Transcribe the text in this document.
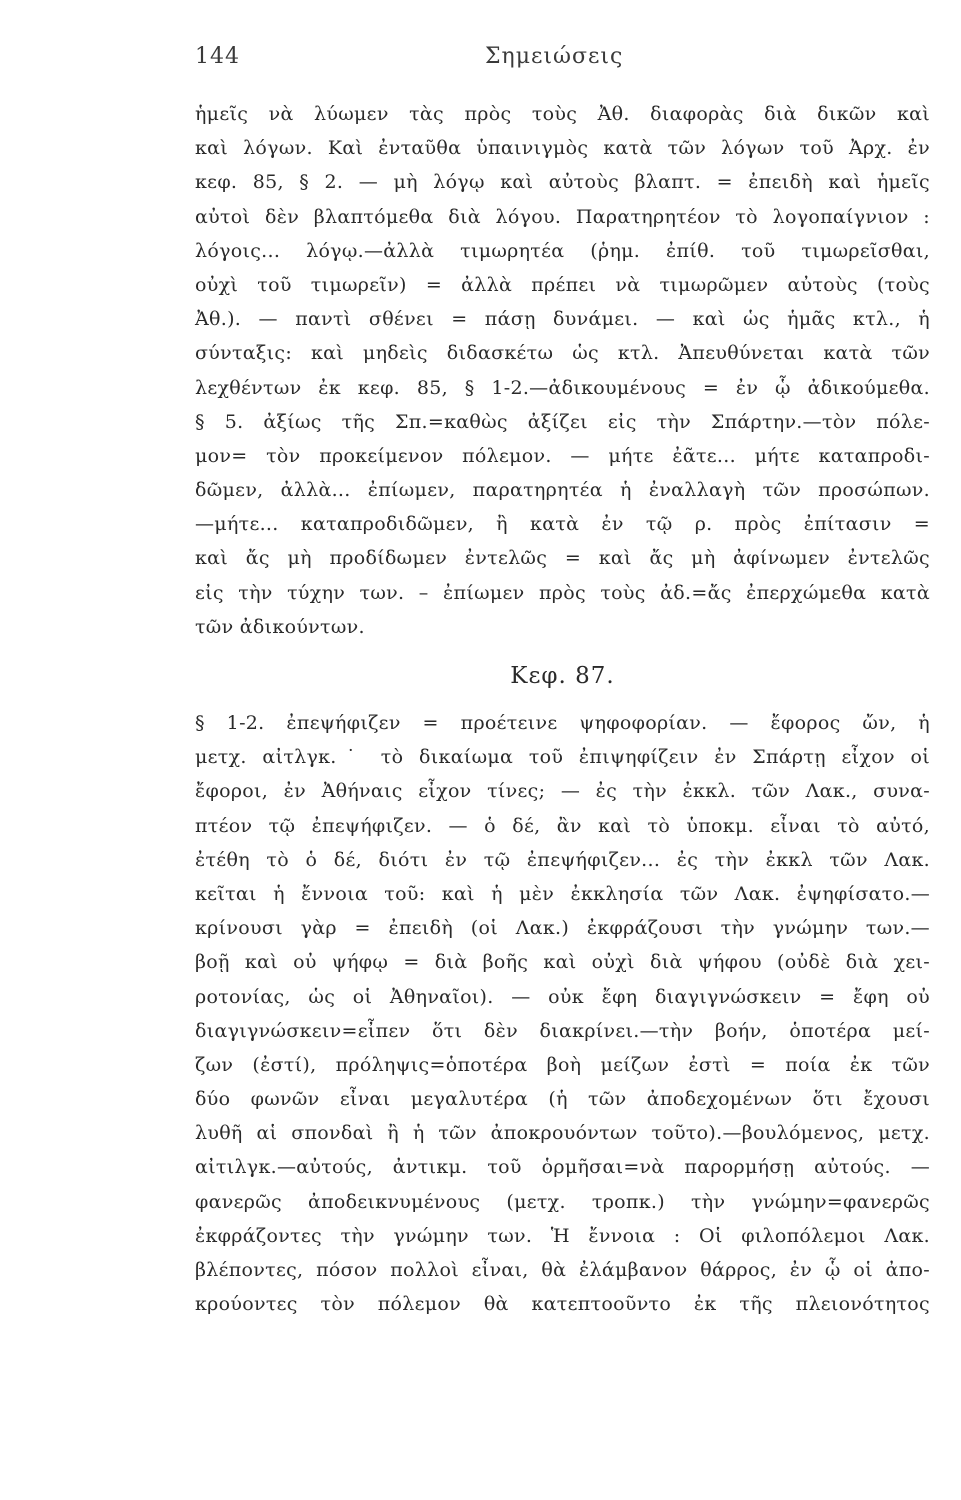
144	Σημειώσεις
ἡμεῖς νὰ λύωμεν τὰς πρὸς τοὺς Ἀθ. διαφορὰς διὰ δικῶν καὶ
καὶ λόγων. Καὶ ἐνταῦθα ὑπαινιγμὸς κατὰ τῶν λόγων τοῦ Ἀρχ. ἐν
κεφ. 85, § 2. — μὴ λόγῳ καὶ αὐτοὺς βλαπτ. = ἐπειδὴ καὶ ἡμεῖς
αὐτοὶ δὲν βλαπτόμεθα διὰ λόγου. Παρατηρητέον τὸ λογοπαίγνιον :
λόγοις... λόγῳ.—ἀλλὰ τιμωρητέα (ῥημ. ἐπίθ. τοῦ τιμωρεῖσθαι,
οὐχὶ τοῦ τιμωρεῖν) = ἀλλὰ πρέπει νὰ τιμωρῶμεν αὐτοὺς (τοὺς
Ἀθ.). — παντὶ σθένει = πάσῃ δυνάμει. — καὶ ὡς ἡμᾶς κτλ., ἡ
σύνταξις: καὶ μηδεὶς διδασκέτω ὡς κτλ. Ἀπευθύνεται κατὰ τῶν
λεχθέντων ἐκ κεφ. 85, § 1-2.—ἀδικουμένους = ἐν ᾧ ἀδικούμεθα.
§ 5. ἀξίως τῆς Σπ.=καθὼς ἀξίζει εἰς τὴν Σπάρτην.—τὸν πόλε-
μον= τὸν προκείμενον πόλεμον. — μήτε ἐᾶτε... μήτε καταπροδι-
δῶμεν, ἀλλὰ... ἐπίωμεν, παρατηρητέα ἡ ἐναλλαγὴ τῶν προσώπων.
—μήτε... καταπροδιδῶμεν, ἢ κατὰ ἐν τῷ ρ. πρὸς ἐπίτασιν =
καὶ ἄς μὴ προδίδωμεν ἐντελῶς = καὶ ἄς μὴ ἀφίνωμεν ἐντελῶς
εἰς τὴν τύχην των. – ἐπίωμεν πρὸς τοὺς ἀδ.=ἄς ἐπερχώμεθα κατὰ
τῶν ἀδικούντων.
Κεφ. 87.
§ 1-2. ἐπεψήφιζεν = προέτεινε ψηφοφορίαν. — ἔφορος ὤν, ἡ
μετχ. αἰτλγκ.˙ τὸ δικαίωμα τοῦ ἐπιψηφίζειν ἐν Σπάρτῃ εἶχον οἱ
ἔφοροι, ἐν Ἀθήναις εἶχον τίνες; — ἐς τὴν ἐκκλ. τῶν Λακ., συνα-
πτέον τῷ ἐπεψήφιζεν. — ὁ δέ, ἂν καὶ τὸ ὑποκμ. εἶναι τὸ αὐτό,
ἐτέθη τὸ ὁ δέ, διότι ἐν τῷ ἐπεψήφιζεν... ἐς τὴν ἐκκλ τῶν Λακ.
κεῖται ἡ ἔννοια τοῦ: καὶ ἡ μὲν ἐκκλησία τῶν Λακ. ἐψηφίσατο.—
κρίνουσι γὰρ = ἐπειδὴ (οἱ Λακ.) ἐκφράζουσι τὴν γνώμην των.—
βοῇ καὶ οὐ ψήφῳ = διὰ βοῆς καὶ οὐχὶ διὰ ψήφου (οὐδὲ διὰ χει-
ροτονίας, ὡς οἱ Ἀθηναῖοι). — οὐκ ἔφη διαγιγνώσκειν = ἔφη οὐ
διαγιγνώσκειν=εἶπεν ὅτι δὲν διακρίνει.—τὴν βοήν, ὁποτέρα μεί-
ζων (ἐστί), πρόληψις=ὁποτέρα βοὴ μείζων ἐστὶ = ποία ἐκ τῶν
δύο φωνῶν εἶναι μεγαλυτέρα (ἡ τῶν ἀποδεχομένων ὅτι ἔχουσι
λυθῆ αἱ σπονδαὶ ἢ ἡ τῶν ἀποκρουόντων τοῦτο).—βουλόμενος, μετχ.
αἰτιλγκ.—αὐτούς, ἀντικμ. τοῦ ὁρμῆσαι=νὰ παρορμήσῃ αὐτούς. —
φανερῶς ἀποδεικνυμένους (μετχ. τροπκ.) τὴν γνώμην=φανερῶς
ἐκφράζοντες τὴν γνώμην των. Ἡ ἔννοια : Οἱ φιλοπόλεμοι Λακ.
βλέποντες, πόσον πολλοὶ εἶναι, θὰ ἐλάμβανον θάρρος, ἐν ᾧ οἱ ἀπο-
κρούοντες τὸν πόλεμον θὰ κατεπτοοῦντο ἐκ τῆς πλειονότητος
